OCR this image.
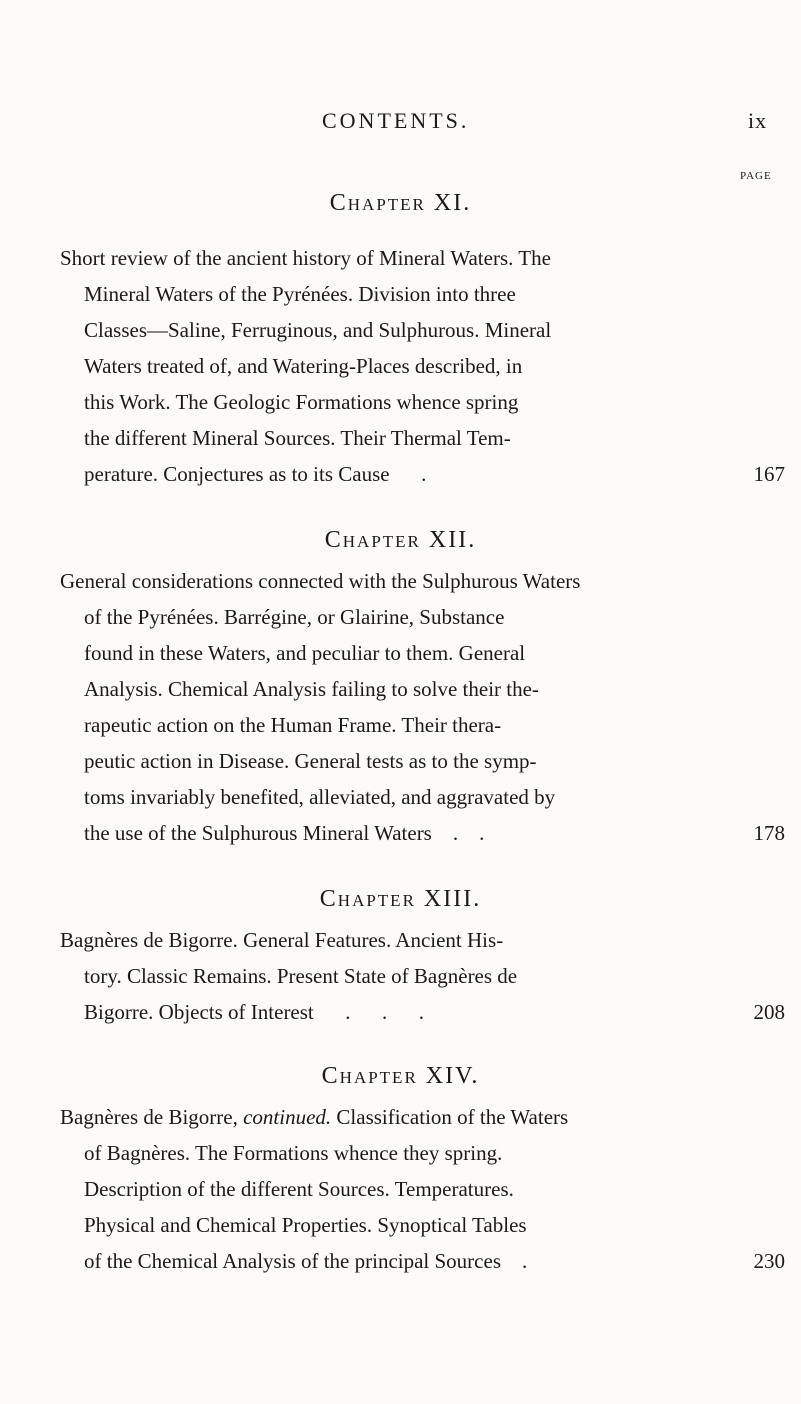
CONTENTS.	ix
PAGE
Chapter XI.
Short review of the ancient history of Mineral Waters. The
Mineral Waters of the Pyrénées. Division into three
Classes—Saline, Ferruginous, and Sulphurous. Mineral
Waters treated of, and Watering-Places described, in
this Work. The Geologic Formations whence spring
the different Mineral Sources. Their Thermal Tem-
perature. Conjectures as to its Cause      .	167
Chapter XII.
General considerations connected with the Sulphurous Waters
of the Pyrénées. Barrégine, or Glairine, Substance
found in these Waters, and peculiar to them. General
Analysis. Chemical Analysis failing to solve their the-
rapeutic action on the Human Frame. Their thera-
peutic action in Disease. General tests as to the symp-
toms invariably benefited, alleviated, and aggravated by
the use of the Sulphurous Mineral Waters    .    .	178
Chapter XIII.
Bagnères de Bigorre. General Features. Ancient His-
tory. Classic Remains. Present State of Bagnères de
Bigorre. Objects of Interest      .      .      .	208
Chapter XIV.
Bagnères de Bigorre, continued. Classification of the Waters
of Bagnères. The Formations whence they spring.
Description of the different Sources. Temperatures.
Physical and Chemical Properties. Synoptical Tables
of the Chemical Analysis of the principal Sources    .	230
